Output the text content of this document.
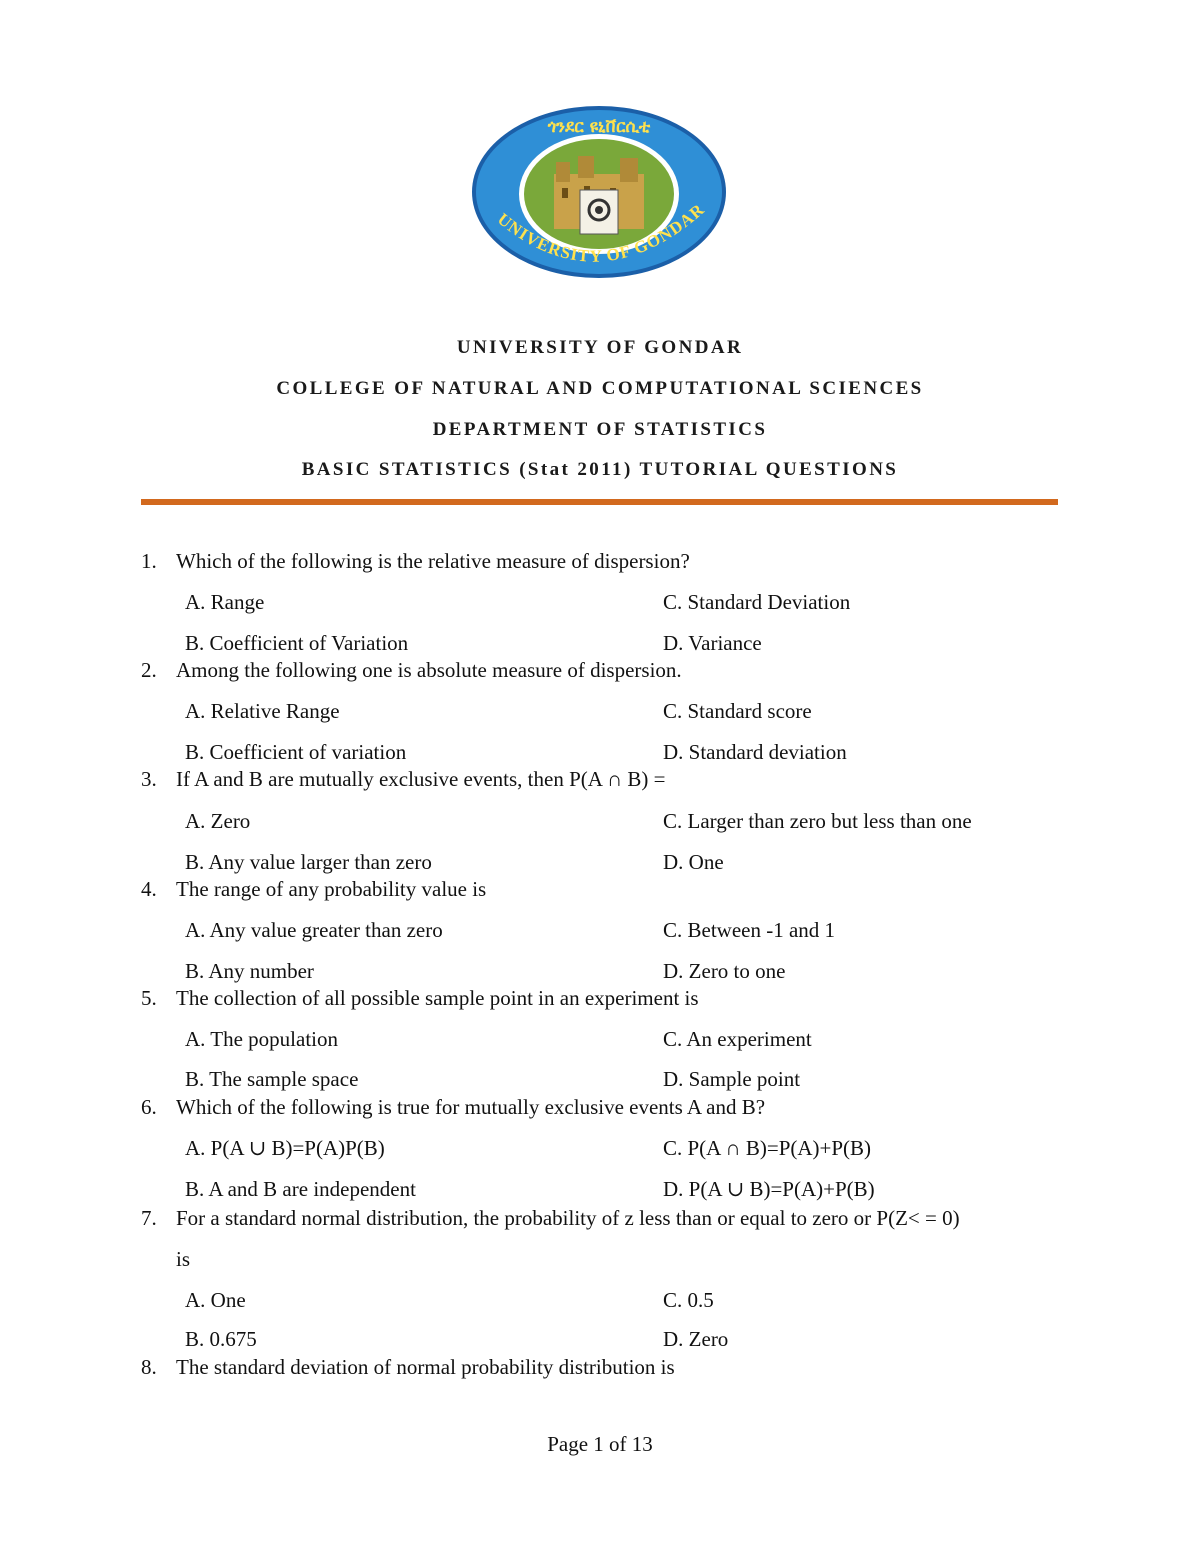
ጎንደር ዩኒቨርሲቲ
UNIVERSITY OF GONDAR
UNIVERSITY OF GONDAR
COLLEGE OF NATURAL AND COMPUTATIONAL SCIENCES
DEPARTMENT OF STATISTICS
BASIC STATISTICS (Stat 2011) TUTORIAL QUESTIONS
1. Which of the following is the relative measure of dispersion?
A. Range	C. Standard Deviation
B. Coefficient of Variation	D. Variance
2. Among the following one is absolute measure of dispersion.
A. Relative Range	C. Standard score
B. Coefficient of variation	D. Standard deviation
3. If A and B are mutually exclusive events, then P(A ∩ B) =
A. Zero	C. Larger than zero but less than one
B. Any value larger than zero	D. One
4. The range of any probability value is
A. Any value greater than zero	C. Between -1 and 1
B. Any number	D. Zero to one
5. The collection of all possible sample point in an experiment is
A. The population	C. An experiment
B. The sample space	D. Sample point
6. Which of the following is true for mutually exclusive events A and B?
A. P(A ∪ B)=P(A)P(B)	C. P(A ∩ B)=P(A)+P(B)
B. A and B are independent	D. P(A ∪ B)=P(A)+P(B)
7. For a standard normal distribution, the probability of z less than or equal to zero or P(Z< = 0)
is
A. One	C. 0.5
B. 0.675	D. Zero
8. The standard deviation of normal probability distribution is
Page 1 of 13
